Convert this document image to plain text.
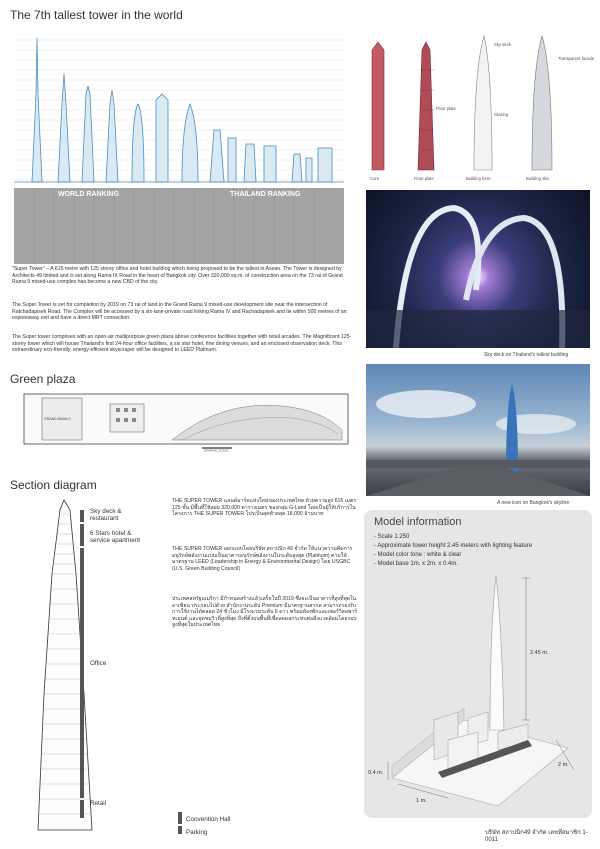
The 7th tallest tower in the world
WORLD RANKING	THAILAND RANKING
Core	Floor plate	Building form	Building skin
Sky deck
Floor plate
Glazing
Transparent facade
Sky deck on Thailand's tallest building
A new icon on Bangkok's skyline
"Super Tower" – A 615 metre with 125 storey office and hotel building which being proposed to be the tallest in Asean. The Tower is designed by Architects 49 limited and is set along Rama IX Road in the heart of Bangkok city. Over 320,000 sq.m. of construction area on the 73 rai of Grand Rama 9 mixed-use complex has become a new CBD of the city.
The Super Tower is set for completion by 2019 on 73 rai of land in the Grand Rama 9 mixed-use development site near the intersection of Ratchadapisek Road. The Complex will be accessed by a six-lane-private road linking Rama IV and Rachadapisek and lie within 500 metres of an expressway exit and have a direct MRT connection.
The Super tower comprises with an open-air multipurpose green plaza above conference facilities together with retail arcades. The Magnificent 125-storey tower which will house Thailand's first 24-hour office facilities, a six star hotel, fine dining venues, and an enclosed observation deck. This extraordinary eco-friendly, energy-efficient skyscraper will be designed to LEED Platinum.
Green plaza
GRAND RAMA 9
GRAPHIC SCALE
Section diagram
Sky deck &
restaurant
6 Stars hotel &
service apartment
Office
Retail
Convention Hall
Parking
THE SUPER TOWER แลนด์มาร์คแห่งใหม่ของประเทศไทย ด้วยความสูง 615 เมตร 125 ชั้น มีพื้นที่ใช้สอย 320,000 ตารางเมตร ของกลุ่ม G-Land โดยเป็นผู้ให้บริการในโครงการ THE SUPER TOWER โปรเป็นสุดท้ายสุด 18,000 ล้านบาท
THE SUPER TOWER ออกแบบโดยบริษัท สถาปนิก 49 จำกัด ให้แนวความคิดการอนุรักษ์พลังงานแบบเป็นอาคารอนุรักษ์พลังงานในระดับสูงสุด (Platinum) ตามให้มาตรฐาน LEED (Leadership in Energy & Environmental Design) โดย USGBC (U.S. Green Building Council)
ประเทศสหรัฐอเมริกา มีกำหนดสร้างแล้วเสร็จในปี 2019 ซึ่งจะเป็นอาคารที่สูงที่สุดในอาเซียน ประกอบไปด้วย สำนักงานระดับ Premium มีมาตรฐานสากล สามารถรองรับการใช้งานได้ตลอด 24 ชั่วโมง มีโรงแรมระดับ 6 ดาว พร้อมห้องพักและเซอร์วิสอพาร์ทเมนต์ และจุดชมวิวที่สูงที่สุด ถึงที่ตั้งบนพื้นที่เพื่อลดผลกระทบต่อสิ่งแวดล้อมโดยรอบ สูงที่สุดในประเทศไทย
Model information
- Scale 1:250
- Approximate tower height 2.45 meters with lighting feature
- Model color tone : white & clear
- Model base 1m. x 2m. x 0.4m.
2.45 m.
2 m.
1 m.
0.4 m.
บริษัท สถาปนิก49 จำกัด เลขที่สมาชิก 1-0011
